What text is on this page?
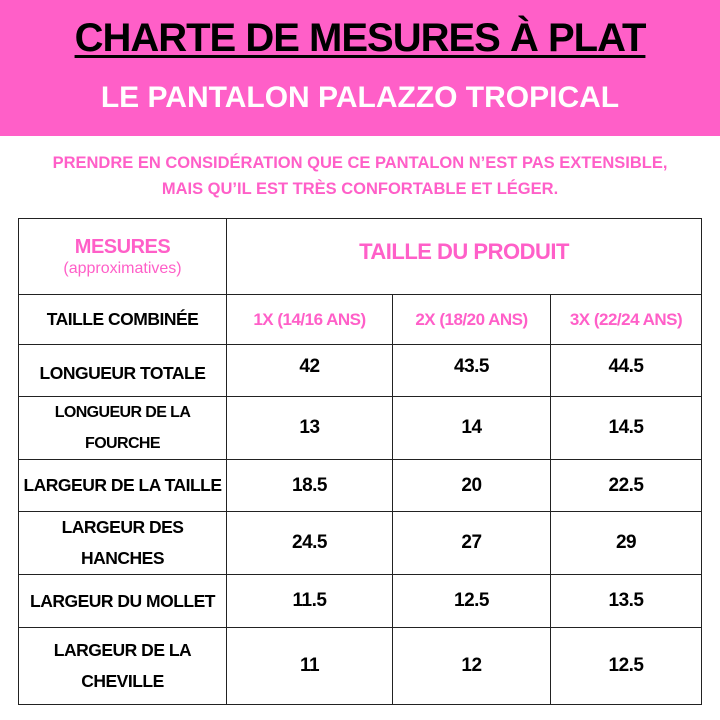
CHARTE DE MESURES À PLAT
LE PANTALON PALAZZO TROPICAL
PRENDRE EN CONSIDÉRATION QUE CE PANTALON N’EST PAS EXTENSIBLE,
MAIS QU’IL EST TRÈS CONFORTABLE ET LÉGER.
MESURES
(approximatives)	TAILLE DU PRODUIT		
TAILLE COMBINÉE	1X (14/16 ANS)	2X (18/20 ANS)	3X (22/24 ANS)
LONGUEUR TOTALE	42	43.5	44.5
LONGUEUR DE LA FOURCHE	13	14	14.5
LARGEUR DE LA TAILLE	18.5	20	22.5
LARGEUR DES HANCHES	24.5	27	29
LARGEUR DU MOLLET	11.5	12.5	13.5
LARGEUR DE LA CHEVILLE	11	12	12.5
